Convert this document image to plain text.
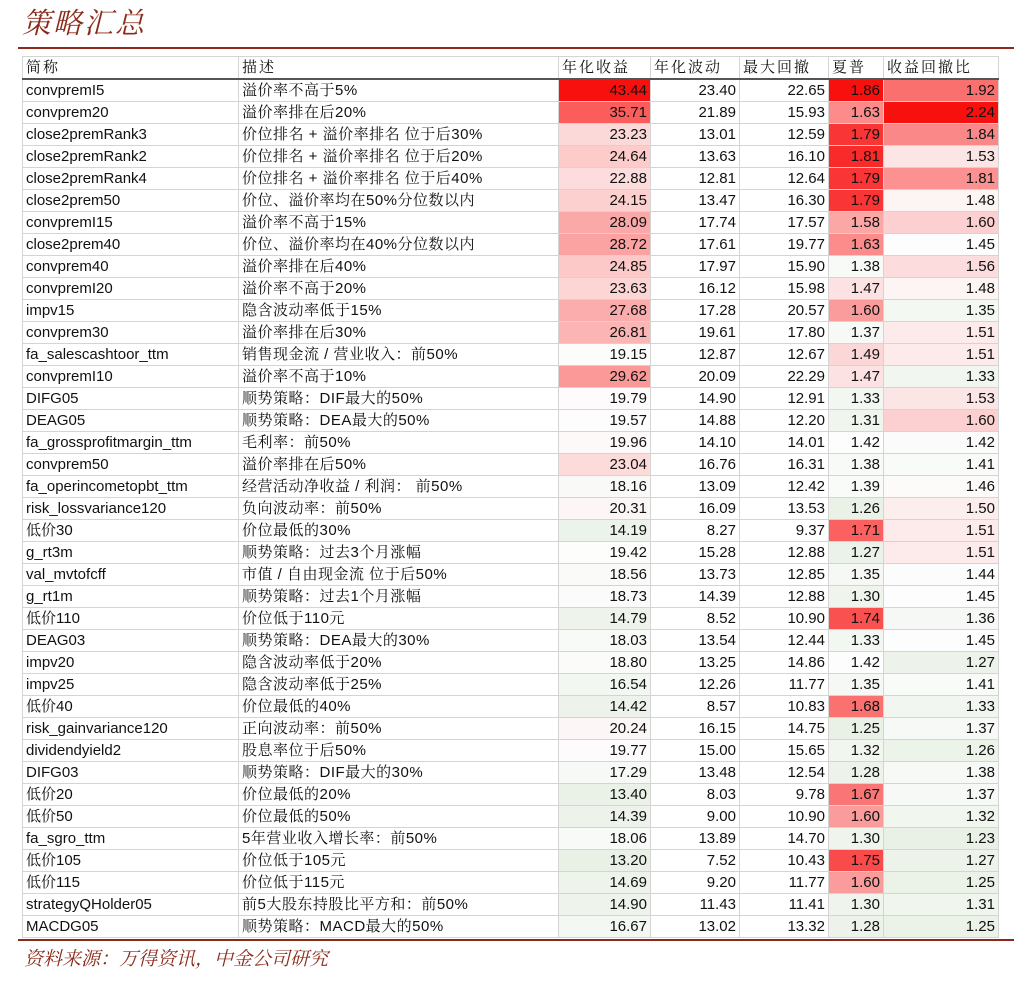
策略汇总
简称	描述	年化收益	年化波动	最大回撤	夏普	收益回撤比
convpremI5	溢价率不高于5%	43.44	23.40	22.65	1.86	1.92
convprem20	溢价率排在后20%	35.71	21.89	15.93	1.63	2.24
close2premRank3	价位排名 + 溢价率排名 位于后30%	23.23	13.01	12.59	1.79	1.84
close2premRank2	价位排名 + 溢价率排名 位于后20%	24.64	13.63	16.10	1.81	1.53
close2premRank4	价位排名 + 溢价率排名 位于后40%	22.88	12.81	12.64	1.79	1.81
close2prem50	价位、溢价率均在50%分位数以内	24.15	13.47	16.30	1.79	1.48
convpremI15	溢价率不高于15%	28.09	17.74	17.57	1.58	1.60
close2prem40	价位、溢价率均在40%分位数以内	28.72	17.61	19.77	1.63	1.45
convprem40	溢价率排在后40%	24.85	17.97	15.90	1.38	1.56
convpremI20	溢价率不高于20%	23.63	16.12	15.98	1.47	1.48
impv15	隐含波动率低于15%	27.68	17.28	20.57	1.60	1.35
convprem30	溢价率排在后30%	26.81	19.61	17.80	1.37	1.51
fa_salescashtoor_ttm	销售现金流 / 营业收入：前50%	19.15	12.87	12.67	1.49	1.51
convpremI10	溢价率不高于10%	29.62	20.09	22.29	1.47	1.33
DIFG05	顺势策略：DIF最大的50%	19.79	14.90	12.91	1.33	1.53
DEAG05	顺势策略：DEA最大的50%	19.57	14.88	12.20	1.31	1.60
fa_grossprofitmargin_ttm	毛利率：前50%	19.96	14.10	14.01	1.42	1.42
convprem50	溢价率排在后50%	23.04	16.76	16.31	1.38	1.41
fa_operincometopbt_ttm	经营活动净收益 / 利润： 前50%	18.16	13.09	12.42	1.39	1.46
risk_lossvariance120	负向波动率：前50%	20.31	16.09	13.53	1.26	1.50
低价30	价位最低的30%	14.19	8.27	9.37	1.71	1.51
g_rt3m	顺势策略：过去3个月涨幅	19.42	15.28	12.88	1.27	1.51
val_mvtofcff	市值 / 自由现金流 位于后50%	18.56	13.73	12.85	1.35	1.44
g_rt1m	顺势策略：过去1个月涨幅	18.73	14.39	12.88	1.30	1.45
低价110	价位低于110元	14.79	8.52	10.90	1.74	1.36
DEAG03	顺势策略：DEA最大的30%	18.03	13.54	12.44	1.33	1.45
impv20	隐含波动率低于20%	18.80	13.25	14.86	1.42	1.27
impv25	隐含波动率低于25%	16.54	12.26	11.77	1.35	1.41
低价40	价位最低的40%	14.42	8.57	10.83	1.68	1.33
risk_gainvariance120	正向波动率：前50%	20.24	16.15	14.75	1.25	1.37
dividendyield2	股息率位于后50%	19.77	15.00	15.65	1.32	1.26
DIFG03	顺势策略：DIF最大的30%	17.29	13.48	12.54	1.28	1.38
低价20	价位最低的20%	13.40	8.03	9.78	1.67	1.37
低价50	价位最低的50%	14.39	9.00	10.90	1.60	1.32
fa_sgro_ttm	5年营业收入增长率：前50%	18.06	13.89	14.70	1.30	1.23
低价105	价位低于105元	13.20	7.52	10.43	1.75	1.27
低价115	价位低于115元	14.69	9.20	11.77	1.60	1.25
strategyQHolder05	前5大股东持股比平方和：前50%	14.90	11.43	11.41	1.30	1.31
MACDG05	顺势策略：MACD最大的50%	16.67	13.02	13.32	1.28	1.25
资料来源：万得资讯，中金公司研究
